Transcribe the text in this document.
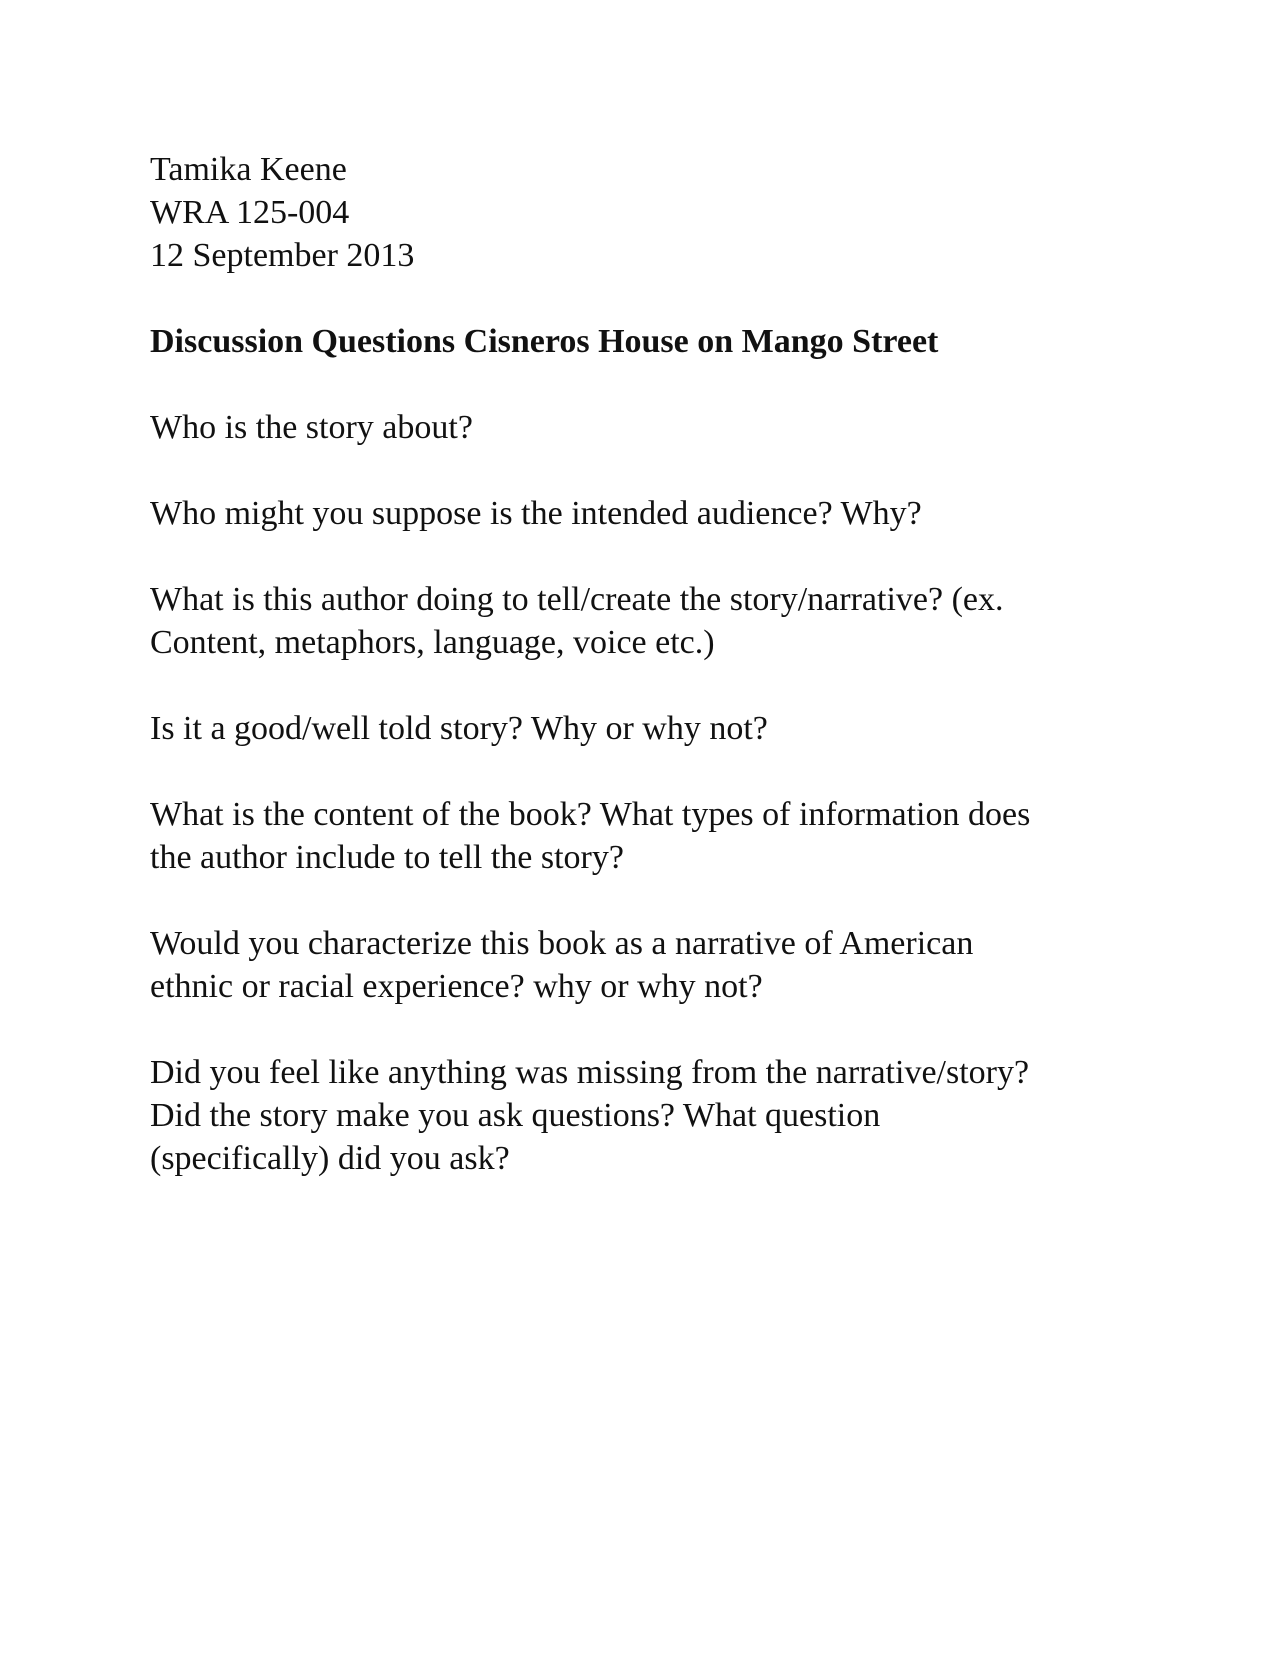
Tamika Keene
WRA 125-004
12 September 2013
Discussion Questions Cisneros House on Mango Street
Who is the story about?
Who might you suppose is the intended audience? Why?
What is this author doing to tell/create the story/narrative? (ex.
Content, metaphors, language, voice etc.)
Is it a good/well told story? Why or why not?
What is the content of the book? What types of information does
the author include to tell the story?
Would you characterize this book as a narrative of American
ethnic or racial experience? why or why not?
Did you feel like anything was missing from the narrative/story?
Did the story make you ask questions? What question
(specifically) did you ask?
